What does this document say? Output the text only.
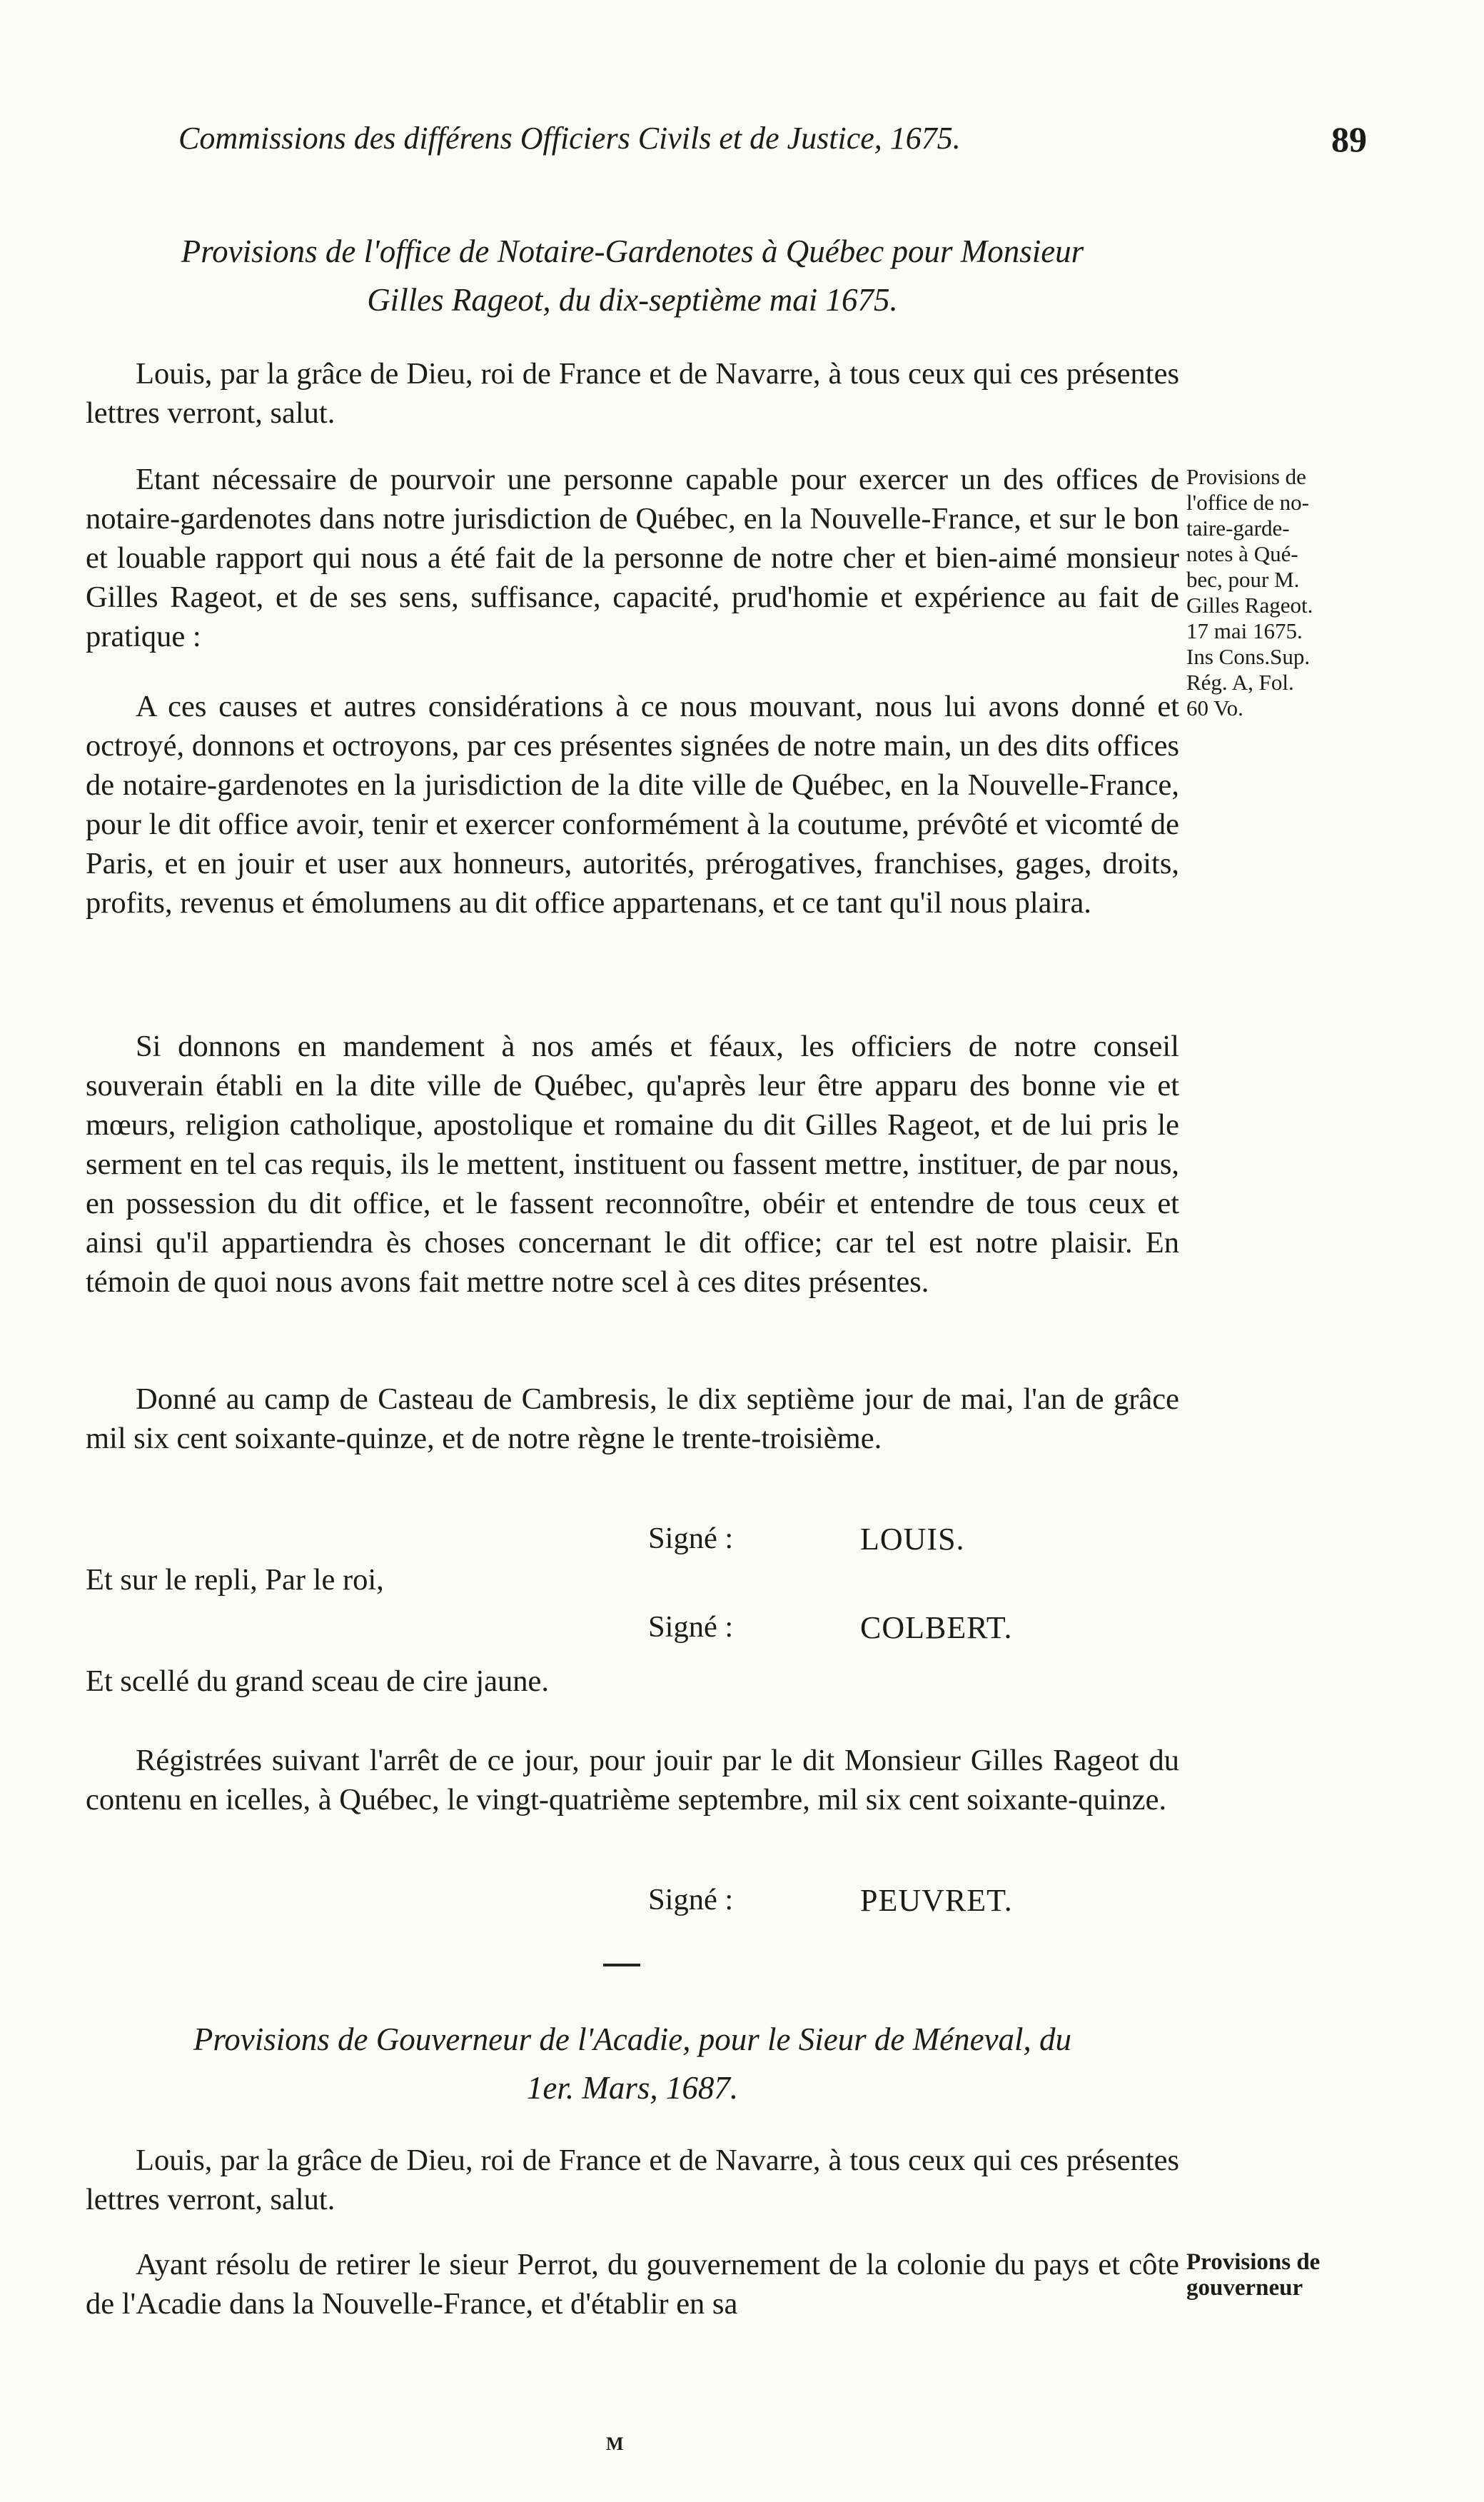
Commissions des différens Officiers Civils et de Justice, 1675.	89
Provisions de l'office de Notaire-Gardenotes à Québec pour Monsieur
Gilles Rageot, du dix-septième mai 1675.

Louis, par la grâce de Dieu, roi de France et de Navarre, à tous ceux qui ces présentes lettres verront, salut.

Etant nécessaire de pourvoir une personne capable pour exercer un des offices de notaire-gardenotes dans notre jurisdiction de Québec, en la Nouvelle-France, et sur le bon et louable rapport qui nous a été fait de la personne de notre cher et bien-aimé monsieur Gilles Rageot, et de ses sens, suffisance, capacité, prud'homie et expérience au fait de pratique :

A ces causes et autres considérations à ce nous mouvant, nous lui avons donné et octroyé, donnons et octroyons, par ces présentes signées de notre main, un des dits offices de notaire-gardenotes en la jurisdiction de la dite ville de Québec, en la Nouvelle-France, pour le dit office avoir, tenir et exercer conformément à la coutume, prévôté et vicomté de Paris, et en jouir et user aux honneurs, autorités, prérogatives, franchises, gages, droits, profits, revenus et émolumens au dit office appartenans, et ce tant qu'il nous plaira.

Si donnons en mandement à nos amés et féaux, les officiers de notre conseil souverain établi en la dite ville de Québec, qu'après leur être apparu des bonne vie et mœurs, religion catholique, apostolique et romaine du dit Gilles Rageot, et de lui pris le serment en tel cas requis, ils le mettent, instituent ou fassent mettre, instituer, de par nous, en possession du dit office, et le fassent reconnoître, obéir et entendre de tous ceux et ainsi qu'il appartiendra ès choses concernant le dit office; car tel est notre plaisir. En témoin de quoi nous avons fait mettre notre scel à ces dites présentes.

Donné au camp de Casteau de Cambresis, le dix septième jour de mai, l'an de grâce mil six cent soixante-quinze, et de notre règne le trente-troisième.

Signé :	LOUIS.
Et sur le repli, Par le roi,
Signé :	COLBERT.
Et scellé du grand sceau de cire jaune.

Régistrées suivant l'arrêt de ce jour, pour jouir par le dit Monsieur Gilles Rageot du contenu en icelles, à Québec, le vingt-quatrième septembre, mil six cent soixante-quinze.

Signé :	PEUVRET.
Provisions de
l'office de no-
taire-garde-
notes à Qué-
bec, pour M.
Gilles Rageot.
17 mai 1675.
Ins Cons.Sup.
Rég. A, Fol.
60 Vo.
Provisions de Gouverneur de l'Acadie, pour le Sieur de Méneval, du
1er. Mars, 1687.

Louis, par la grâce de Dieu, roi de France et de Navarre, à tous ceux qui ces présentes lettres verront, salut.

Ayant résolu de retirer le sieur Perrot, du gouvernement de la colonie du pays et côte de l'Acadie dans la Nouvelle-France, et d'établir en sa

Provisions de
gouverneur
M
